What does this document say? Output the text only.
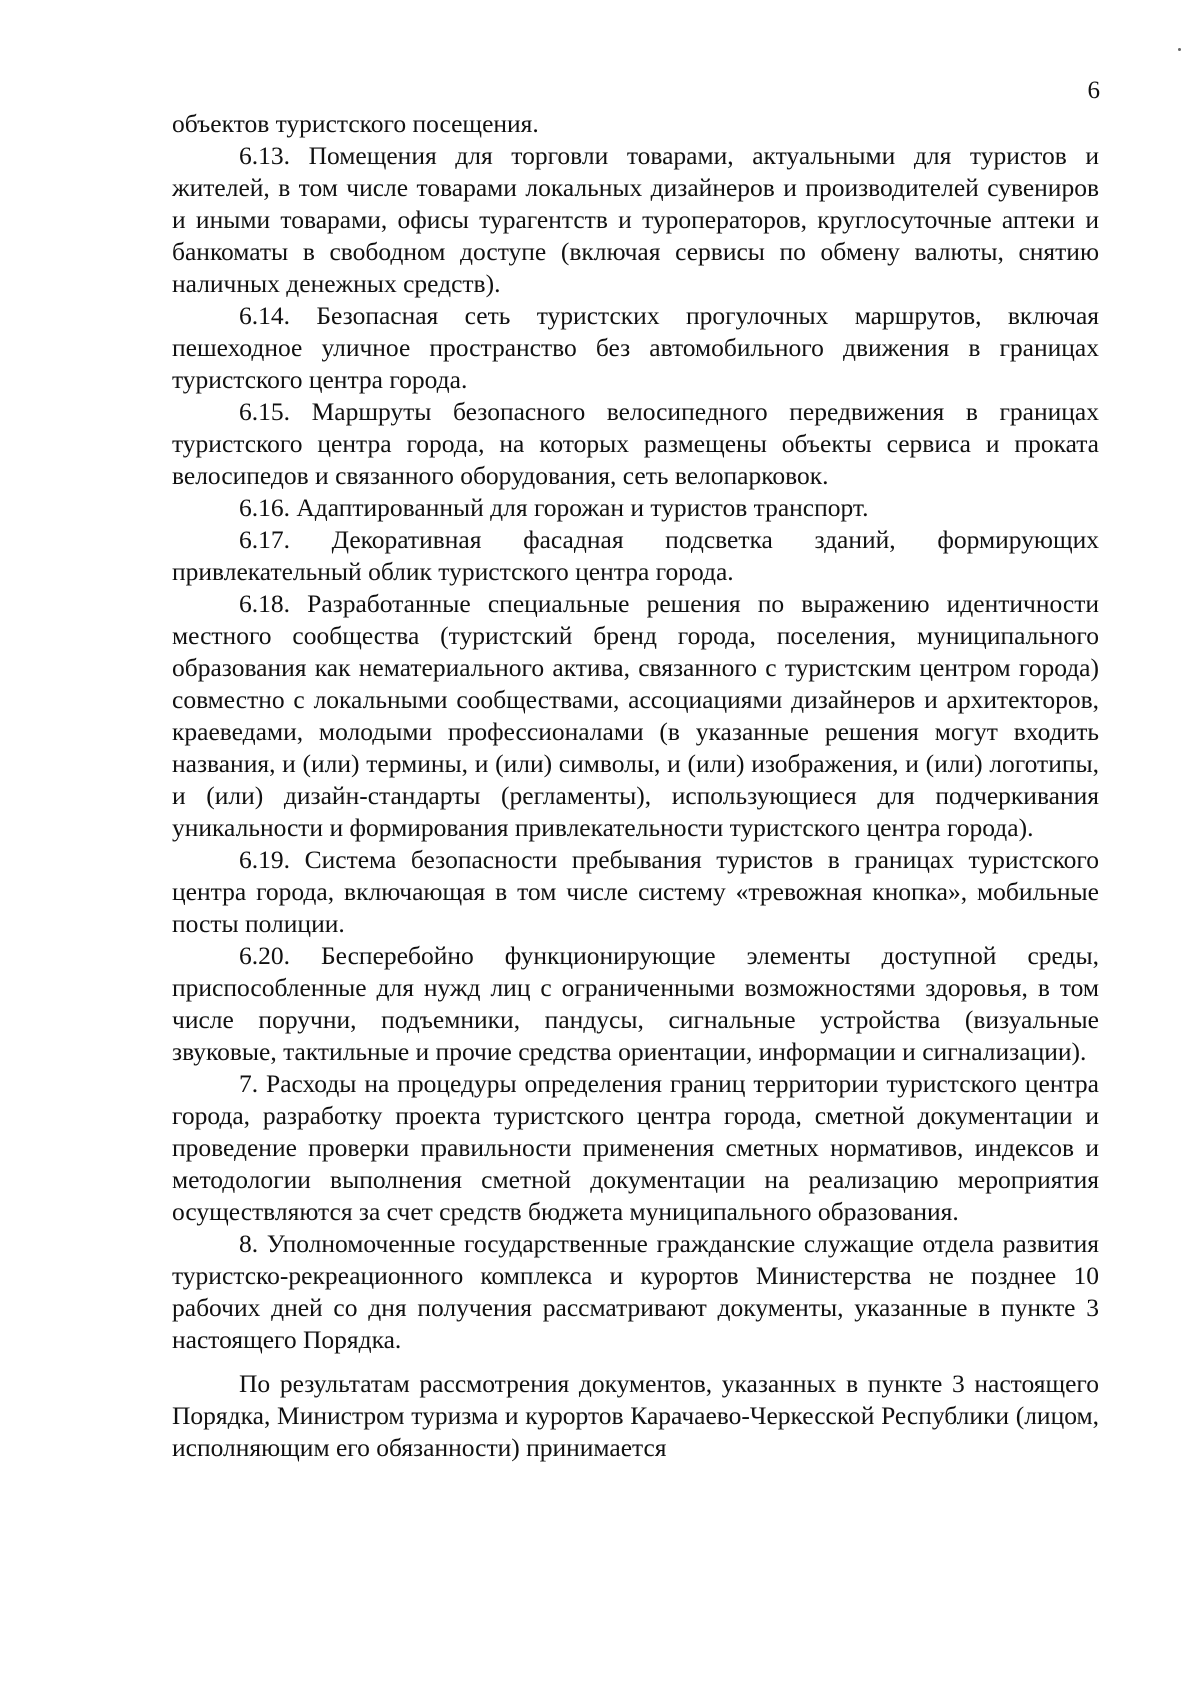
6

объектов туристского посещения.

6.13. Помещения для торговли товарами, актуальными для туристов и жителей, в том числе товарами локальных дизайнеров и производителей сувениров и иными товарами, офисы турагентств и туроператоров, круглосуточные аптеки и банкоматы в свободном доступе (включая сервисы по обмену валюты, снятию наличных денежных средств).

6.14. Безопасная сеть туристских прогулочных маршрутов, включая пешеходное уличное пространство без автомобильного движения в границах туристского центра города.

6.15. Маршруты безопасного велосипедного передвижения в границах туристского центра города, на которых размещены объекты сервиса и проката велосипедов и связанного оборудования, сеть велопарковок.

6.16. Адаптированный для горожан и туристов транспорт.

6.17. Декоративная фасадная подсветка зданий, формирующих привлекательный облик туристского центра города.

6.18. Разработанные специальные решения по выражению идентичности местного сообщества (туристский бренд города, поселения, муниципального образования как нематериального актива, связанного с туристским центром города) совместно с локальными сообществами, ассоциациями дизайнеров и архитекторов, краеведами, молодыми профессионалами (в указанные решения могут входить названия, и (или) термины, и (или) символы, и (или) изображения, и (или) логотипы, и (или) дизайн-стандарты (регламенты), использующиеся для подчеркивания уникальности и формирования привлекательности туристского центра города).

6.19. Система безопасности пребывания туристов в границах туристского центра города, включающая в том числе систему «тревожная кнопка», мобильные посты полиции.

6.20. Бесперебойно функционирующие элементы доступной среды, приспособленные для нужд лиц с ограниченными возможностями здоровья, в том числе поручни, подъемники, пандусы, сигнальные устройства (визуальные звуковые, тактильные и прочие средства ориентации, информации и сигнализации).

7. Расходы на процедуры определения границ территории туристского центра города, разработку проекта туристского центра города, сметной документации и проведение проверки правильности применения сметных нормативов, индексов и методологии выполнения сметной документации на реализацию мероприятия осуществляются за счет средств бюджета муниципального образования.

8. Уполномоченные государственные гражданские служащие отдела развития туристско-рекреационного комплекса и курортов Министерства не позднее 10 рабочих дней со дня получения рассматривают документы, указанные в пункте 3 настоящего Порядка.

По результатам рассмотрения документов, указанных в пункте 3 настоящего Порядка, Министром туризма и курортов Карачаево-Черкесской Республики (лицом, исполняющим его обязанности) принимается
